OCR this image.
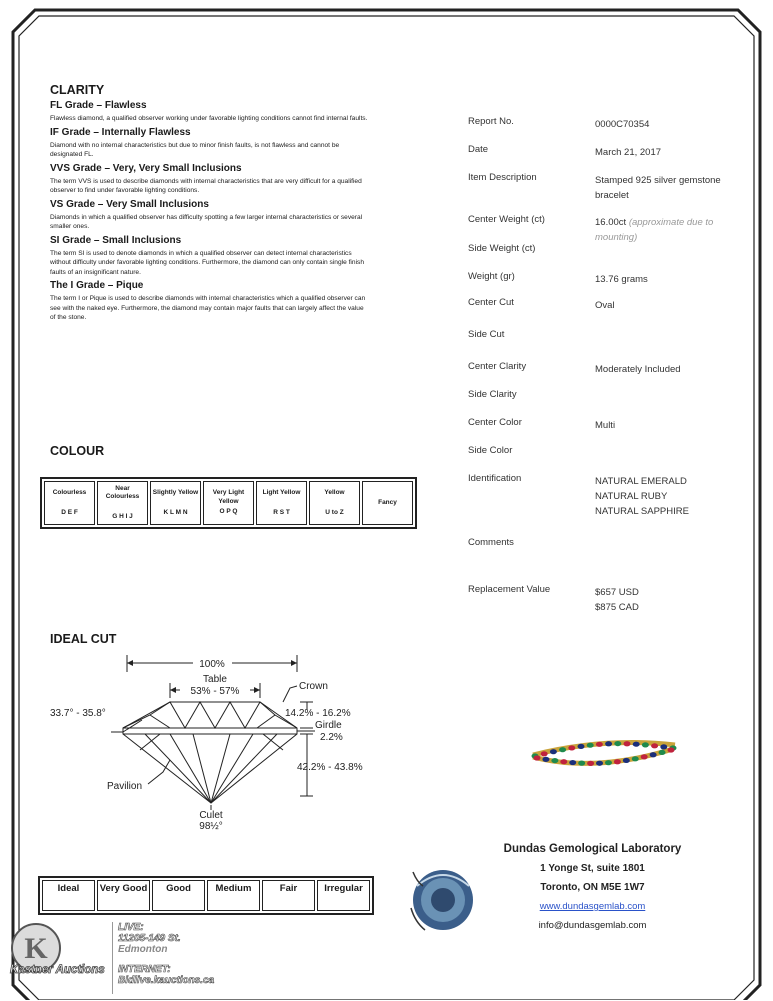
CLARITY
FL Grade – Flawless
Flawless diamond, a qualified observer working under favorable lighting conditions cannot find internal faults.
IF Grade – Internally Flawless
Diamond with no internal characteristics but due to minor finish faults, is not flawless and cannot be designated FL.
VVS Grade – Very, Very Small Inclusions
The term VVS is used to describe diamonds with internal characteristics that are very difficult for a qualified observer to find under favorable lighting conditions.
VS Grade – Very Small Inclusions
Diamonds in which a qualified observer has difficulty spotting a few larger internal characteristics or several smaller ones.
SI Grade – Small Inclusions
The term SI is used to denote diamonds in which a qualified observer can detect internal characteristics without difficulty under favorable lighting conditions. Furthermore, the diamond can only contain single finish faults of an insignificant nature.
The I Grade – Pique
The term I or Pique is used to describe diamonds with internal characteristics which a qualified observer can see with the naked eye. Furthermore, the diamond may contain major faults that can largely affect the value of the stone.
COLOUR
Colourless
D E F

Near Colourless
G H I J

Slightly Yellow
K L M N

Very Light Yellow
O P Q

Light Yellow
R S T

Yellow
U to Z

Fancy
IDEAL CUT
100%
Table
53% - 57%	Crown
33.7° - 35.8°	14.2% - 16.2%
Girdle
2.2%
42.2% - 43.8%
Pavilion
Culet
98½°
Ideal	Very Good	Good	Medium	Fair	Irregular
Report No.	0000C70354
Date	March 21, 2017
Item Description	Stamped 925 silver gemstone bracelet
Center Weight (ct)	16.00ct (approximate due to mounting)
Side Weight (ct)
Weight (gr)	13.76 grams
Center Cut	Oval
Side Cut
Center Clarity	Moderately Included
Side Clarity
Center Color	Multi
Side Color
Identification	NATURAL EMERALD
NATURAL RUBY
NATURAL SAPPHIRE
Comments
Replacement Value	$657 USD
$875 CAD
Dundas Gemological Laboratory
1 Yonge St, suite 1801
Toronto, ON M5E 1W7
www.dundasgemlab.com
info@dundasgemlab.com
K
Kastner Auctions
LIVE:
11205-149 St.
Edmonton
INTERNET:
Bidlive.kauctions.ca
